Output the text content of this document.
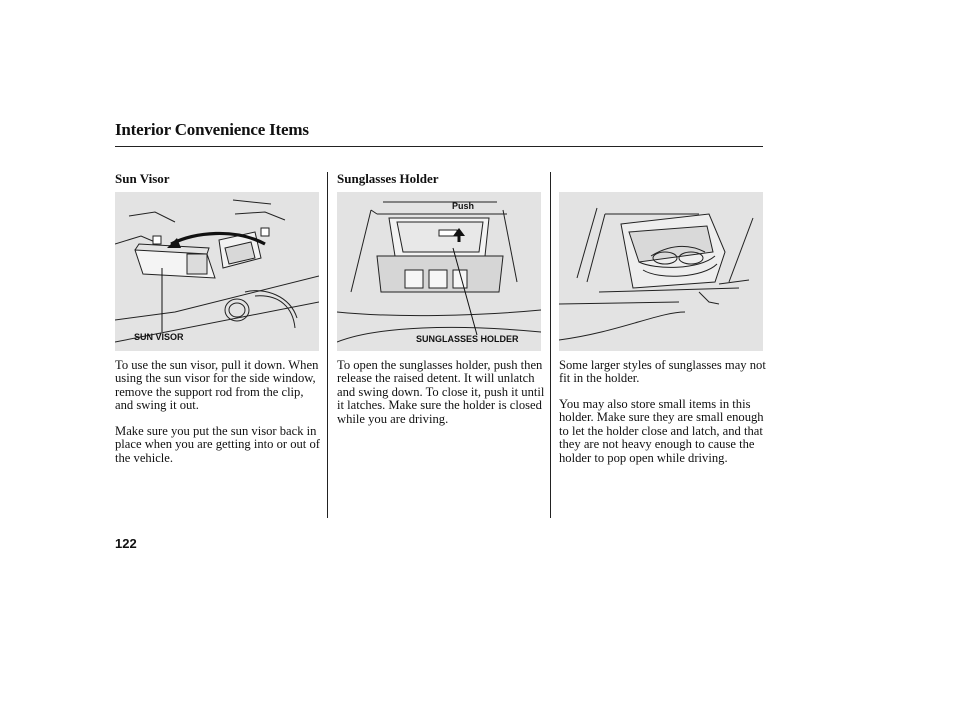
Interior Convenience Items
Sun Visor
SUN VISOR

To use the sun visor, pull it down. When using the sun visor for the side window, remove the support rod from the clip, and swing it out.

Make sure you put the sun visor back in place when you are getting into or out of the vehicle.

Sunglasses Holder
Push
SUNGLASSES HOLDER

To open the sunglasses holder, push then release the raised detent. It will unlatch and swing down. To close it, push it until it latches. Make sure the holder is closed while you are driving.

Some larger styles of sunglasses may not fit in the holder.

You may also store small items in this holder. Make sure they are small enough to let the holder close and latch, and that they are not heavy enough to cause the holder to pop open while driving.

122
